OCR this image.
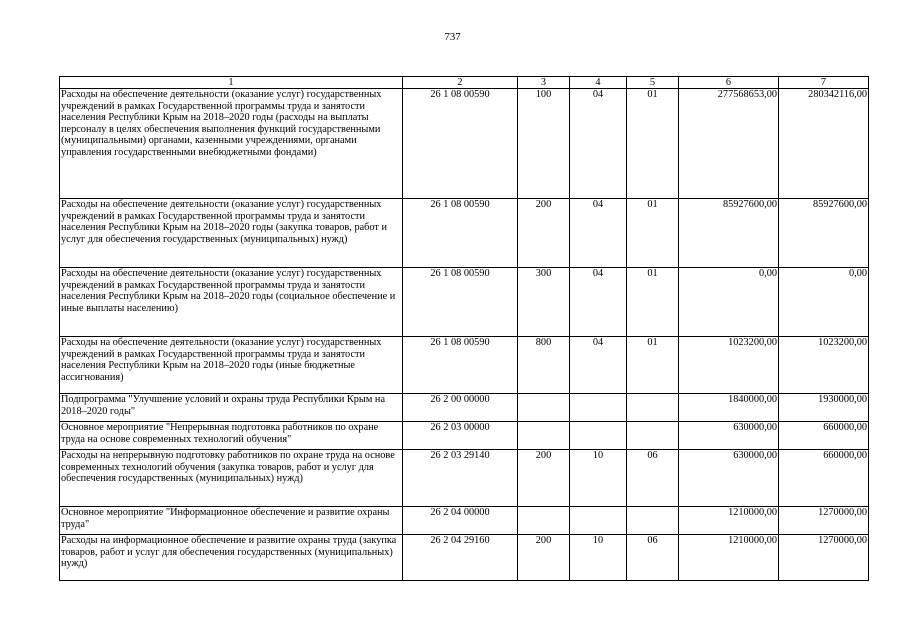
737
1	2	3	4	5	6	7
Расходы на обеспечение деятельности (оказание услуг) государственных учреждений в рамках Государственной программы труда и занятости населения Республики Крым на 2018–2020 годы (расходы на выплаты персоналу в целях обеспечения выполнения функций государственными (муниципальными) органами, казенными учреждениями, органами управления государственными внебюджетными фондами)	26 1 08 00590	100	04	01	277568653,00	280342116,00
Расходы на обеспечение деятельности (оказание услуг) государственных учреждений в рамках Государственной программы труда и занятости населения Республики Крым на 2018–2020 годы (закупка товаров, работ и услуг для обеспечения государственных (муниципальных) нужд)	26 1 08 00590	200	04	01	85927600,00	85927600,00
Расходы на обеспечение деятельности (оказание услуг) государственных учреждений в рамках Государственной программы труда и занятости населения Республики Крым на 2018–2020 годы (социальное обеспечение и иные выплаты населению)	26 1 08 00590	300	04	01	0,00	0,00
Расходы на обеспечение деятельности (оказание услуг) государственных учреждений в рамках Государственной программы труда и занятости населения Республики Крым на 2018–2020 годы (иные бюджетные ассигнования)	26 1 08 00590	800	04	01	1023200,00	1023200,00
Подпрограмма "Улучшение условий и охраны труда Республики Крым на 2018–2020 годы"	26 2 00 00000				1840000,00	1930000,00
Основное мероприятие "Непрерывная подготовка работников по охране труда на основе современных технологий обучения"	26 2 03 00000				630000,00	660000,00
Расходы на непрерывную подготовку работников по охране труда на основе современных технологий обучения (закупка товаров, работ и услуг для обеспечения государственных (муниципальных) нужд)	26 2 03 29140	200	10	06	630000,00	660000,00
Основное мероприятие "Информационное обеспечение и развитие охраны труда"	26 2 04 00000				1210000,00	1270000,00
Расходы на информационное обеспечение и развитие охраны труда (закупка товаров, работ и услуг для обеспечения государственных (муниципальных) нужд)	26 2 04 29160	200	10	06	1210000,00	1270000,00
